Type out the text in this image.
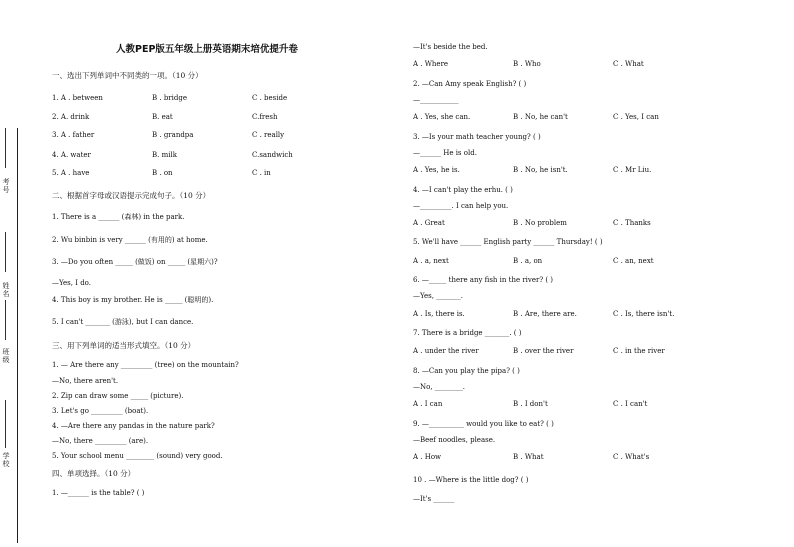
考号
姓名
班级
学校
人教PEP版五年级上册英语期末培优提升卷
一、选出下列单词中不同类的一项。（10 分）
1. A . between	B . bridge	C . beside
2. A. drink	B. eat	C.fresh
3. A . father	B . grandpa	C . really
4. A. water	B. milk	C.sandwich
5. A . have	B . on	C . in
二、根据首字母或汉语提示完成句子。（10 分）
1. There is a ______ (森林) in the park.
2. Wu binbin is very ______ (有用的) at home.
3. —Do you often _____ (做饭) on _____ (星期六)?
—Yes, I do.
4. This boy is my brother. He is _____ (聪明的).
5. I can't _______ (游泳), but I can dance.
三、用下列单词的适当形式填空。（10 分）
1. — Are there any _________ (tree) on the mountain?
—No, there aren't.
2. Zip can draw some _____ (picture).
3. Let's go _________ (boat).
4. —Are there any pandas in the nature park?
—No, there _________ (are).
5. Your school menu ________ (sound) very good.
四、单项选择。（10 分）
1. —______ is the table? ( )
—It's beside the bed.
A . Where	B . Who	C . What
2. —Can Amy speak English? ( )
—___________
A . Yes, she can.	B . No, he can't	C . Yes, I can
3. —Is your math teacher young? ( )
—______ He is old.
A . Yes, he is.	B . No, he isn't.	C . Mr Liu.
4. —I can't play the erhu. ( )
—_________. I can help you.
A . Great	B . No problem	C . Thanks
5. We'll have ______ English party ______ Thursday! ( )
A . a, next	B . a, on	C . an, next
6. —_____ there any fish in the river? ( )
—Yes, _______.
A . Is, there is.	B . Are, there are.	C . Is, there isn't.
7. There is a bridge _______. ( )
A . under the river	B . over the river	C . in the river
8. —Can you play the pipa? ( )
—No, ________.
A . I can	B . I don't	C . I can't
9. —__________ would you like to eat? ( )
—Beef noodles, please.
A . How	B . What	C . What's
10 . —Where is the little dog? ( )
—It's ______
